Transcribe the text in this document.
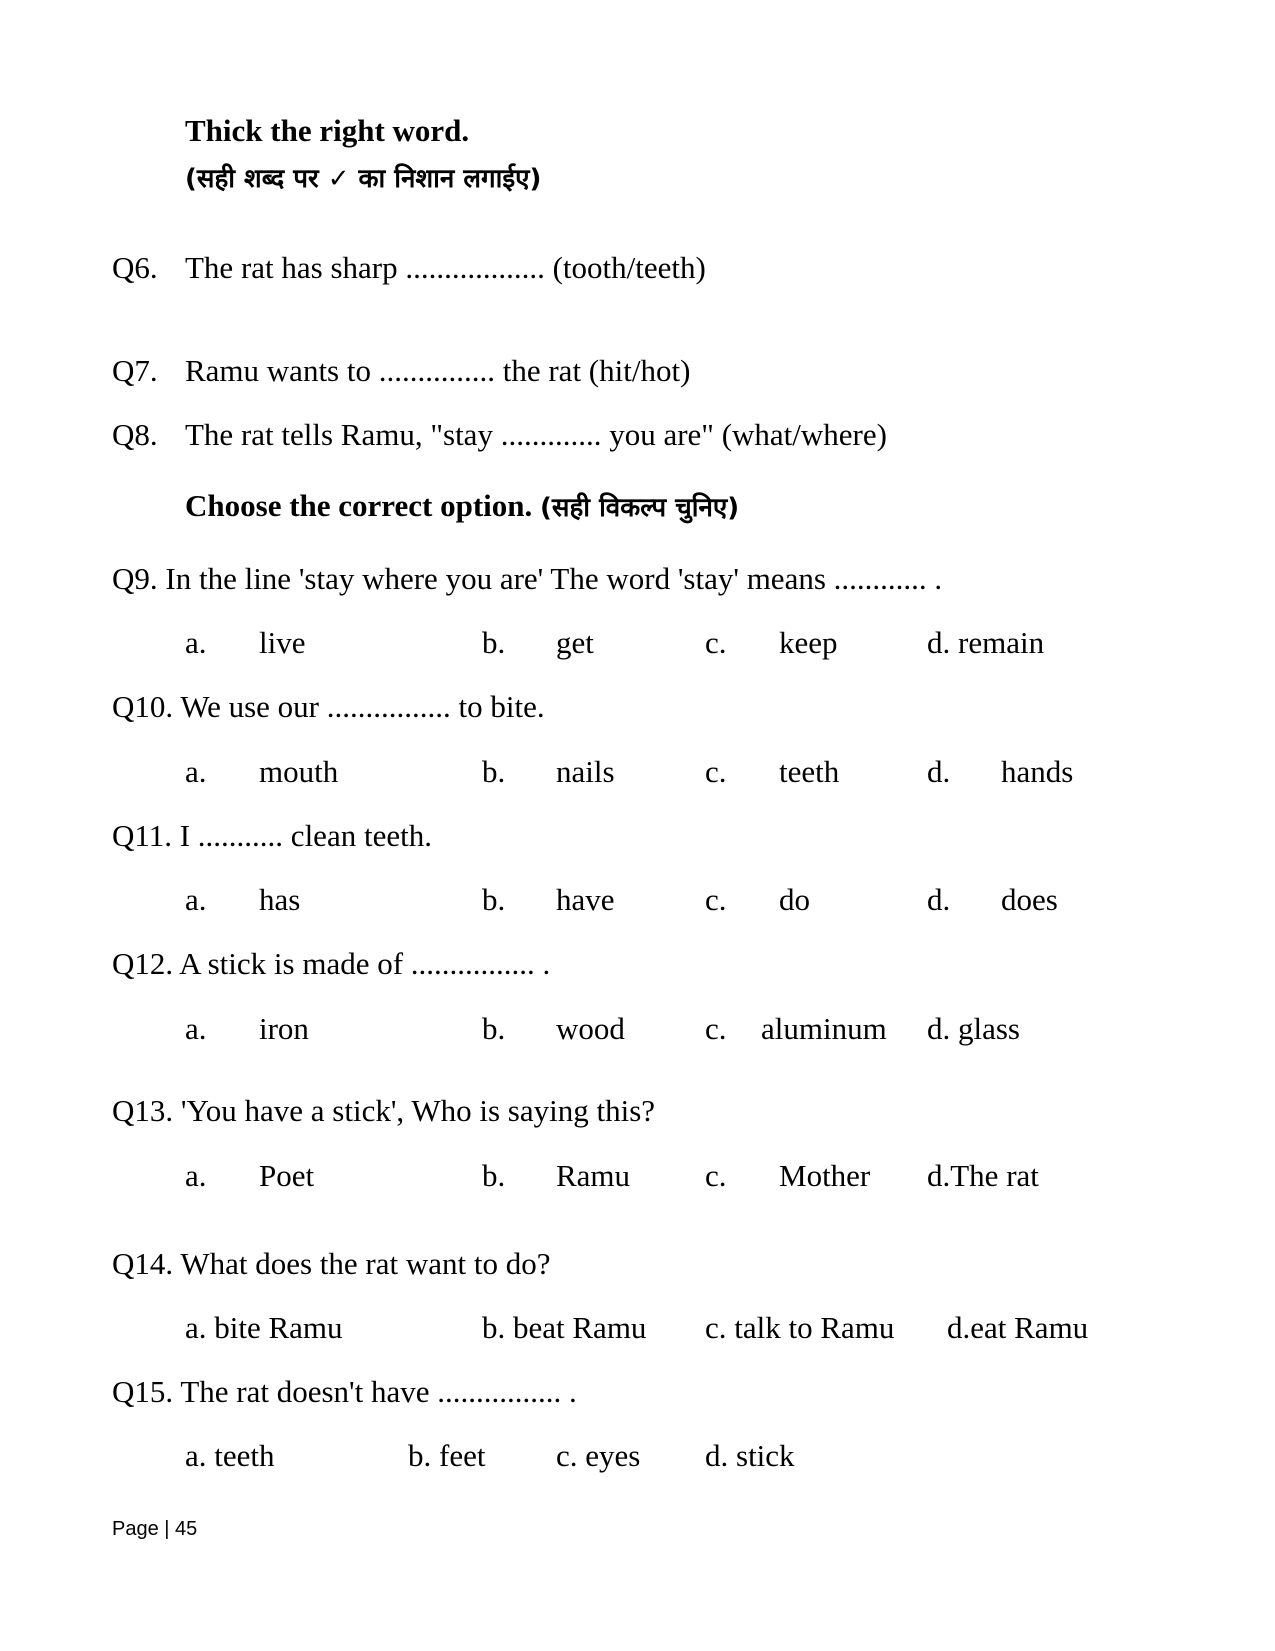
Thick the right word.
(सही शब्द पर ✓ का निशान लगाईए)
Q6. The rat has sharp .................. (tooth/teeth)
Q7. Ramu wants to ............... the rat (hit/hot)
Q8. The rat tells Ramu, "stay ............. you are" (what/where)
Choose the correct option. (सही विकल्प चुनिए)
Q9. In the line 'stay where you are' The word 'stay' means ............ .
a. live	b. get	c. keep	d. remain
Q10. We use our ................ to bite.
a. mouth	b. nails	c. teeth	d. hands
Q11. I ........... clean teeth.
a. has	b. have	c. do	d. does
Q12. A stick is made of ................ .
a. iron	b. wood	c. aluminum d. glass
Q13. 'You have a stick', Who is saying this?
a. Poet	b. Ramu c. Mother d.The rat
Q14. What does the rat want to do?
a. bite Ramu	b. beat Ramu c. talk to Ramu d.eat Ramu
Q15. The rat doesn't have ................ .
a. teeth	b. feet c. eyes d. stick
Page | 45
